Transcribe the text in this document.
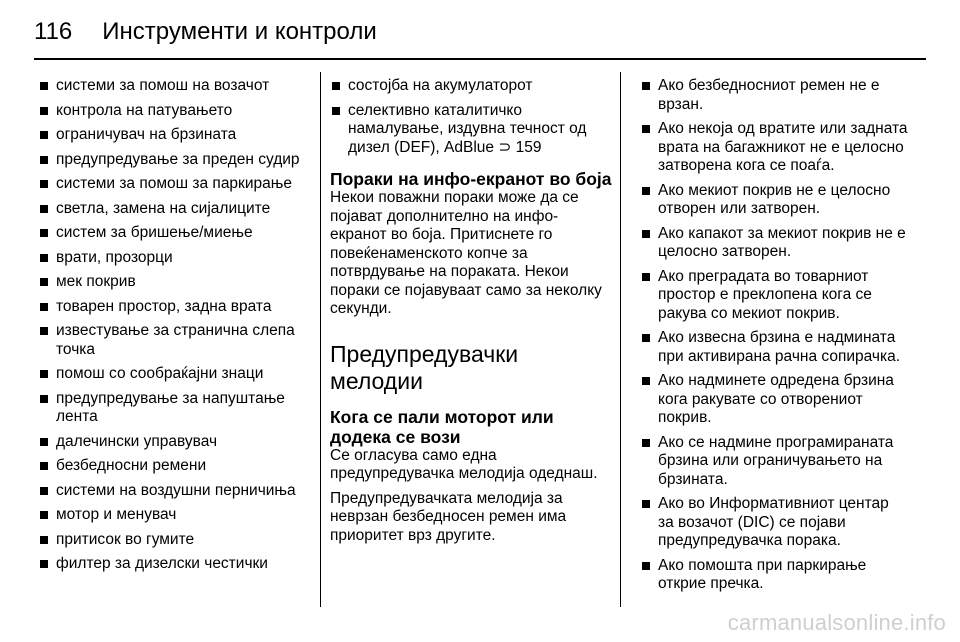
116 Инструменти и контроли
системи за помош на возачот
контрола на патувањето
ограничувач на брзината
предупредување за преден судир
системи за помош за паркирање
светла, замена на сијалиците
систем за бришење/миење
врати, прозорци
мек покрив
товарен простор, задна врата
известување за странична слепа точка
помош со сообраќајни знаци
предупредување за напуштање лента
далечински управувач
безбедносни ремени
системи на воздушни перничиња
мотор и менувач
притисок во гумите
филтер за дизелски честички
состојба на акумулаторот
селективно каталитичко намалување, издувна течност од дизел (DEF), AdBlue ⊃ 159
Пораки на инфо-екранот во боја

Некои поважни пораки може да се појават дополнително на инфо-екранот во боја. Притиснете го повеќенаменското копче за потврдување на пораката. Некои пораки се појавуваат само за неколку секунди.

Предупредувачки мелодии
Кога се пали моторот или додека се вози

Се огласува само една предупредувачка мелодија одеднаш.

Предупредувачката мелодија за неврзан безбедносен ремен има приоритет врз другите.

Ако безбедносниот ремен не е врзан.
Ако некоја од вратите или задната врата на багажникот не е целосно затворена кога се поаѓа.
Ако мекиот покрив не е целосно отворен или затворен.
Ако капакот за мекиот покрив не е целосно затворен.
Ако преградата во товарниот простор е преклопена кога се ракува со мекиот покрив.
Ако извесна брзина е надмината при активирана рачна сопирачка.
Ако надминете одредена брзина кога ракувате со отворениот покрив.
Ако се надмине програмираната брзина или ограничувањето на брзината.
Ако во Информативниот центар за возачот (DIC) се појави предупредувачка порака.
Ако помошта при паркирање открие пречка.
carmanualsonline.info
